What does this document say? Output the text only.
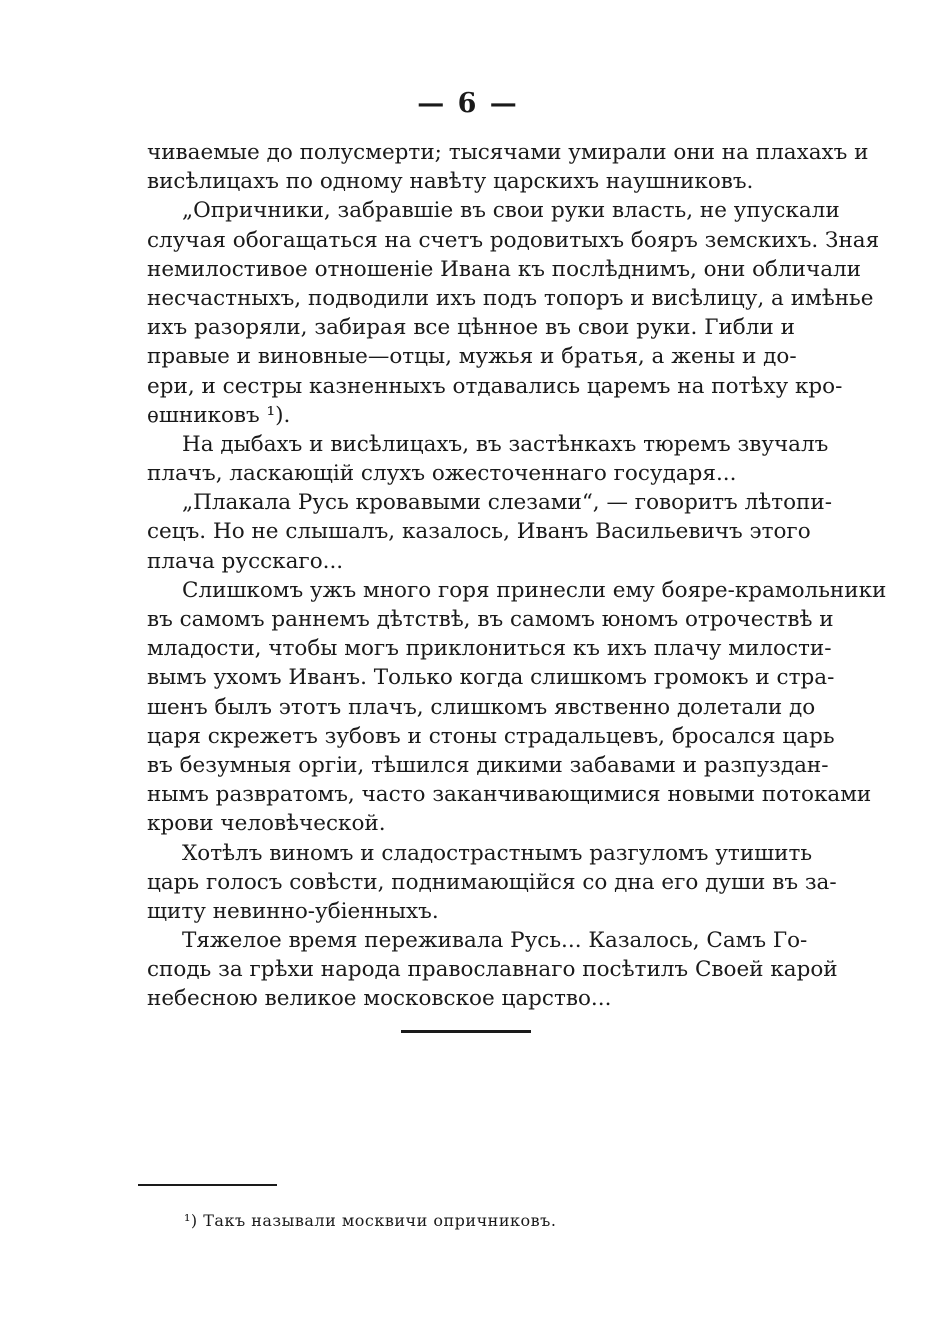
— 6 —
чиваемые до полусмерти; тысячами умирали они на плахахъ и
висѣлицахъ по одному навѣту царскихъ наушниковъ.
„Опричники, забравшіе въ свои руки власть, не упускали
случая обогащаться на счетъ родовитыхъ бояръ земскихъ. Зная
немилостивое отношеніе Ивана къ послѣднимъ, они обличали
несчастныхъ, подводили ихъ подъ топоръ и висѣлицу, а имѣнье
ихъ разоряли, забирая все цѣнное въ свои руки. Гибли и
правые и виновные—отцы, мужья и братья, а жены и до-
ери, и сестры казненныхъ отдавались царемъ на потѣху кро-
ѳшниковъ ¹).
На дыбахъ и висѣлицахъ, въ застѣнкахъ тюремъ звучалъ
плачъ, ласкающій слухъ ожесточеннаго государя...
„Плакала Русь кровавыми слезами“, — говоритъ лѣтопи-
сецъ. Но не слышалъ, казалось, Иванъ Васильевичъ этого
плача русскаго...
Слишкомъ ужъ много горя принесли ему бояре-крамольники
въ самомъ раннемъ дѣтствѣ, въ самомъ юномъ отрочествѣ и
младости, чтобы могъ приклониться къ ихъ плачу милости-
вымъ ухомъ Иванъ. Только когда слишкомъ громокъ и стра-
шенъ былъ этотъ плачъ, слишкомъ явственно долетали до
царя скрежетъ зубовъ и стоны страдальцевъ, бросался царь
въ безумныя оргіи, тѣшился дикими забавами и разпуздан-
нымъ развратомъ, часто заканчивающимися новыми потоками
крови человѣческой.
Хотѣлъ виномъ и сладострастнымъ разгуломъ утишить
царь голосъ совѣсти, поднимающійся со дна его души въ за-
щиту невинно-убіенныхъ.
Тяжелое время переживала Русь... Казалось, Самъ Го-
сподь за грѣхи народа православнаго посѣтилъ Своей карой
небесною великое московское царство...
¹) Такъ называли москвичи опричниковъ.
